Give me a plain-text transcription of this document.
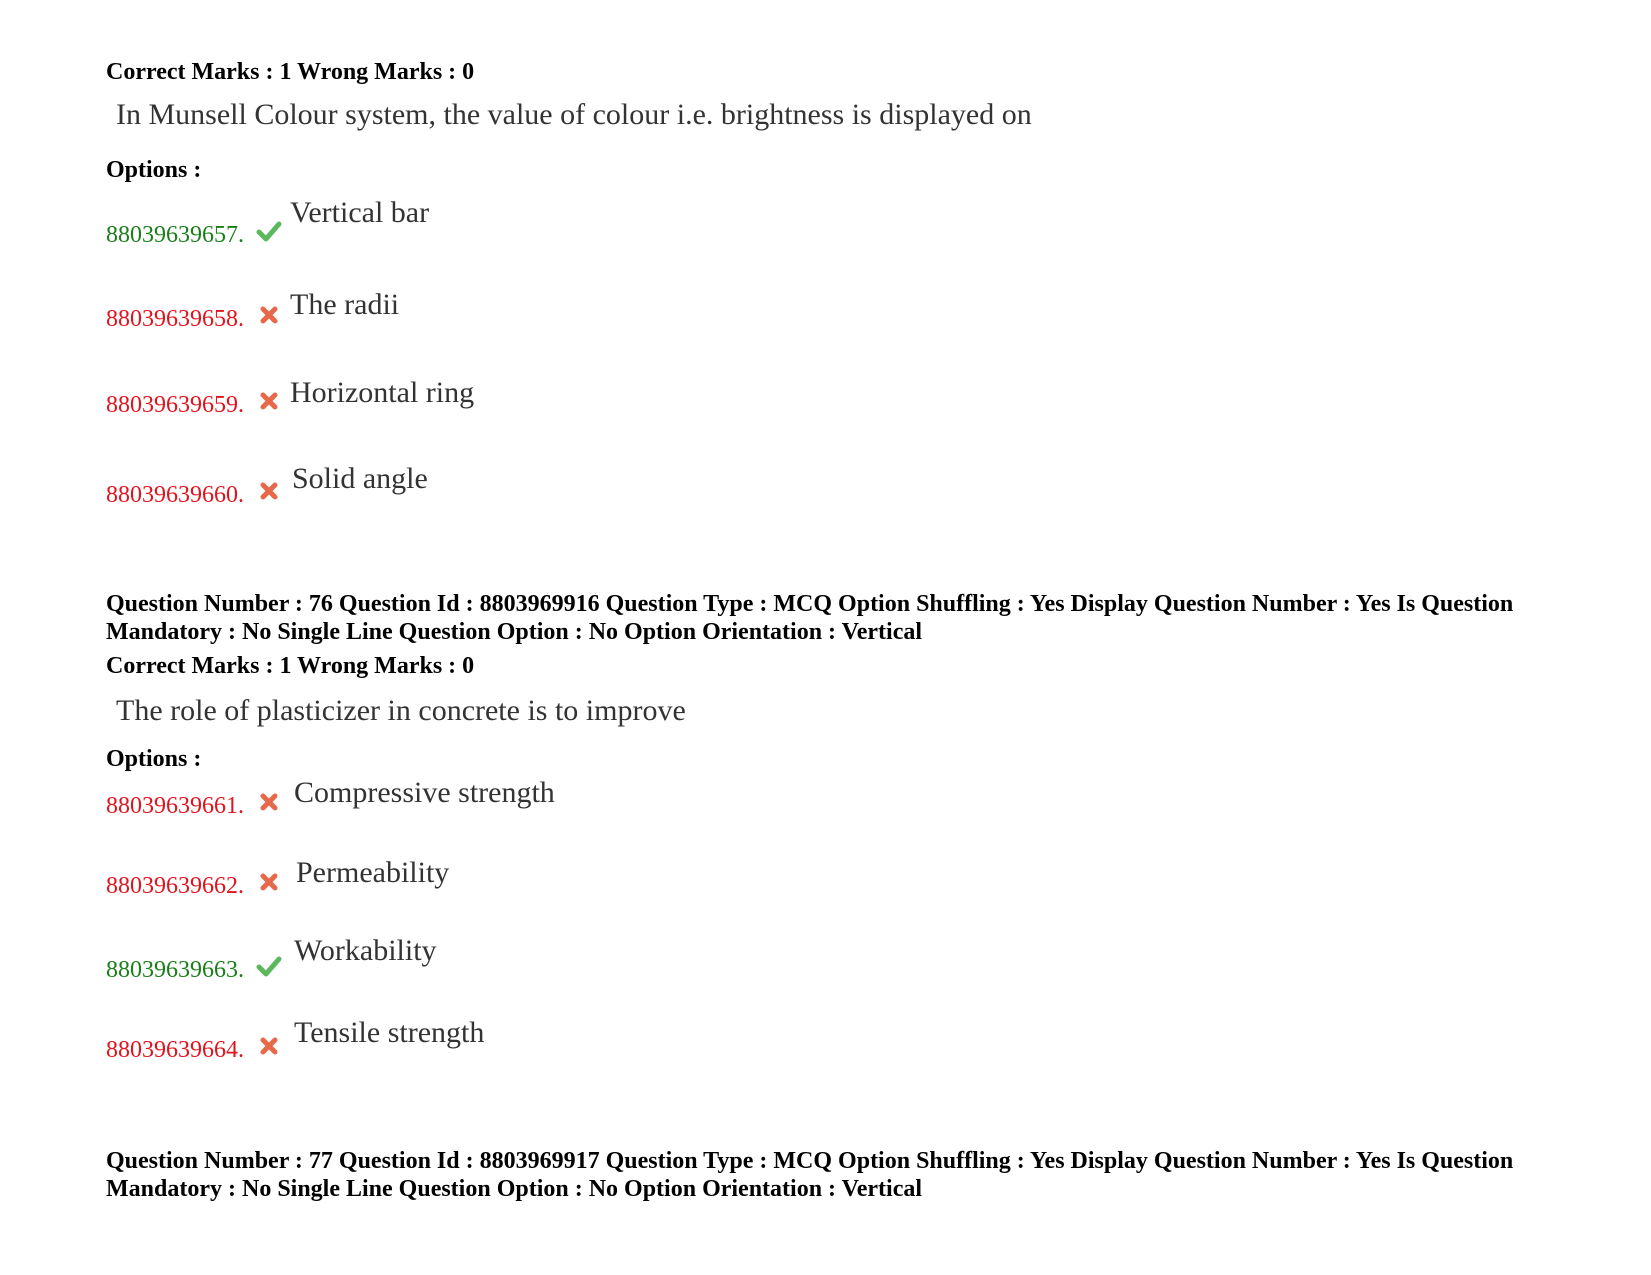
Correct Marks : 1 Wrong Marks : 0
In Munsell Colour system, the value of colour i.e. brightness is displayed on
Options :
88039639657.
Vertical bar
88039639658. The radii
88039639659. Horizontal ring
88039639660. Solid angle
Question Number : 76 Question Id : 8803969916 Question Type : MCQ Option Shuffling : Yes Display Question Number : Yes Is Question Mandatory : No Single Line Question Option : No Option Orientation : Vertical
Correct Marks : 1 Wrong Marks : 0
The role of plasticizer in concrete is to improve
Options :
88039639661. Compressive strength
88039639662. Permeability
88039639663.
Workability
88039639664.
Tensile strength
Question Number : 77 Question Id : 8803969917 Question Type : MCQ Option Shuffling : Yes Display Question Number : Yes Is Question Mandatory : No Single Line Question Option : No Option Orientation : Vertical
